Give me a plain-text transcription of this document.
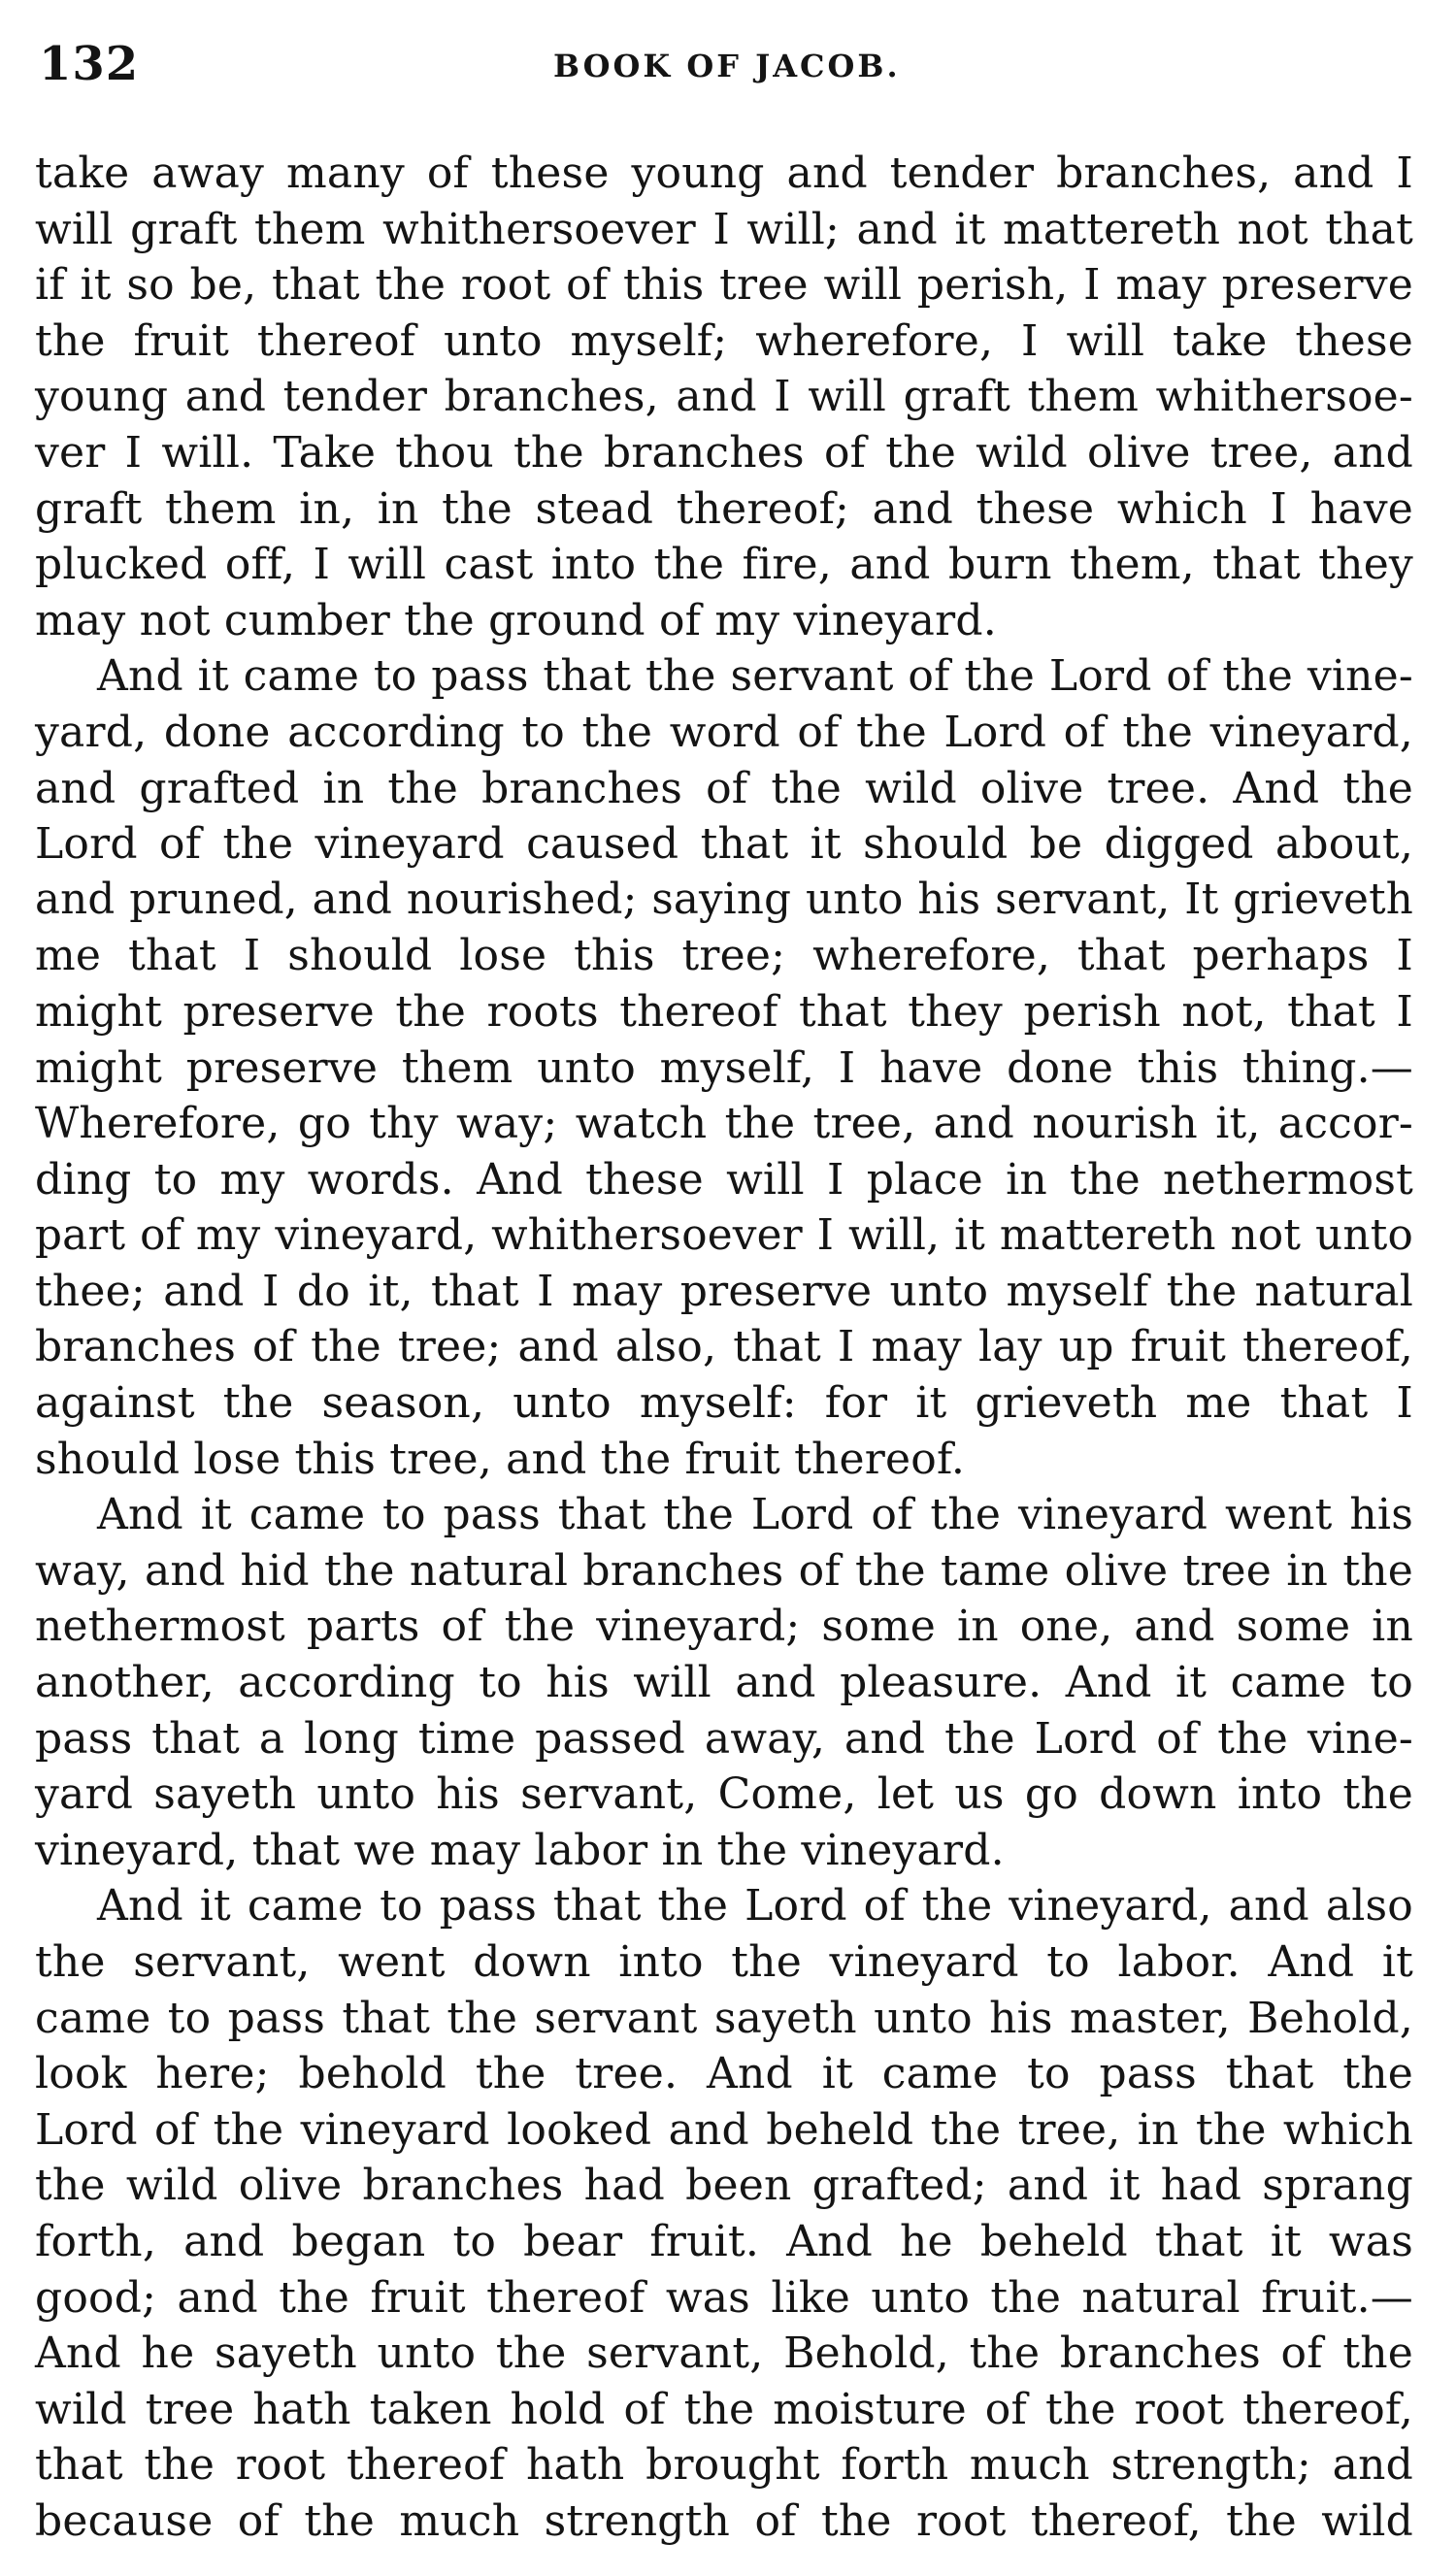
132	BOOK OF JACOB.
take away many of these young and tender branches, and I
will graft them whithersoever I will; and it mattereth not that
if it so be, that the root of this tree will perish, I may preserve
the fruit thereof unto myself; wherefore, I will take these
young and tender branches, and I will graft them whithersoe-
ver I will. Take thou the branches of the wild olive tree, and
graft them in, in the stead thereof; and these which I have
plucked off, I will cast into the fire, and burn them, that they
may not cumber the ground of my vineyard.
And it came to pass that the servant of the Lord of the vine-
yard, done according to the word of the Lord of the vineyard,
and grafted in the branches of the wild olive tree. And the
Lord of the vineyard caused that it should be digged about,
and pruned, and nourished; saying unto his servant, It grieveth
me that I should lose this tree; wherefore, that perhaps I
might preserve the roots thereof that they perish not, that I
might preserve them unto myself, I have done this thing.—
Wherefore, go thy way; watch the tree, and nourish it, accor-
ding to my words. And these will I place in the nethermost
part of my vineyard, whithersoever I will, it mattereth not unto
thee; and I do it, that I may preserve unto myself the natural
branches of the tree; and also, that I may lay up fruit thereof,
against the season, unto myself: for it grieveth me that I
should lose this tree, and the fruit thereof.
And it came to pass that the Lord of the vineyard went his
way, and hid the natural branches of the tame olive tree in the
nethermost parts of the vineyard; some in one, and some in
another, according to his will and pleasure. And it came to
pass that a long time passed away, and the Lord of the vine-
yard sayeth unto his servant, Come, let us go down into the
vineyard, that we may labor in the vineyard.
And it came to pass that the Lord of the vineyard, and also
the servant, went down into the vineyard to labor. And it
came to pass that the servant sayeth unto his master, Behold,
look here; behold the tree. And it came to pass that the
Lord of the vineyard looked and beheld the tree, in the which
the wild olive branches had been grafted; and it had sprang
forth, and began to bear fruit. And he beheld that it was
good; and the fruit thereof was like unto the natural fruit.—
And he sayeth unto the servant, Behold, the branches of the
wild tree hath taken hold of the moisture of the root thereof,
that the root thereof hath brought forth much strength; and
because of the much strength of the root thereof, the wild
